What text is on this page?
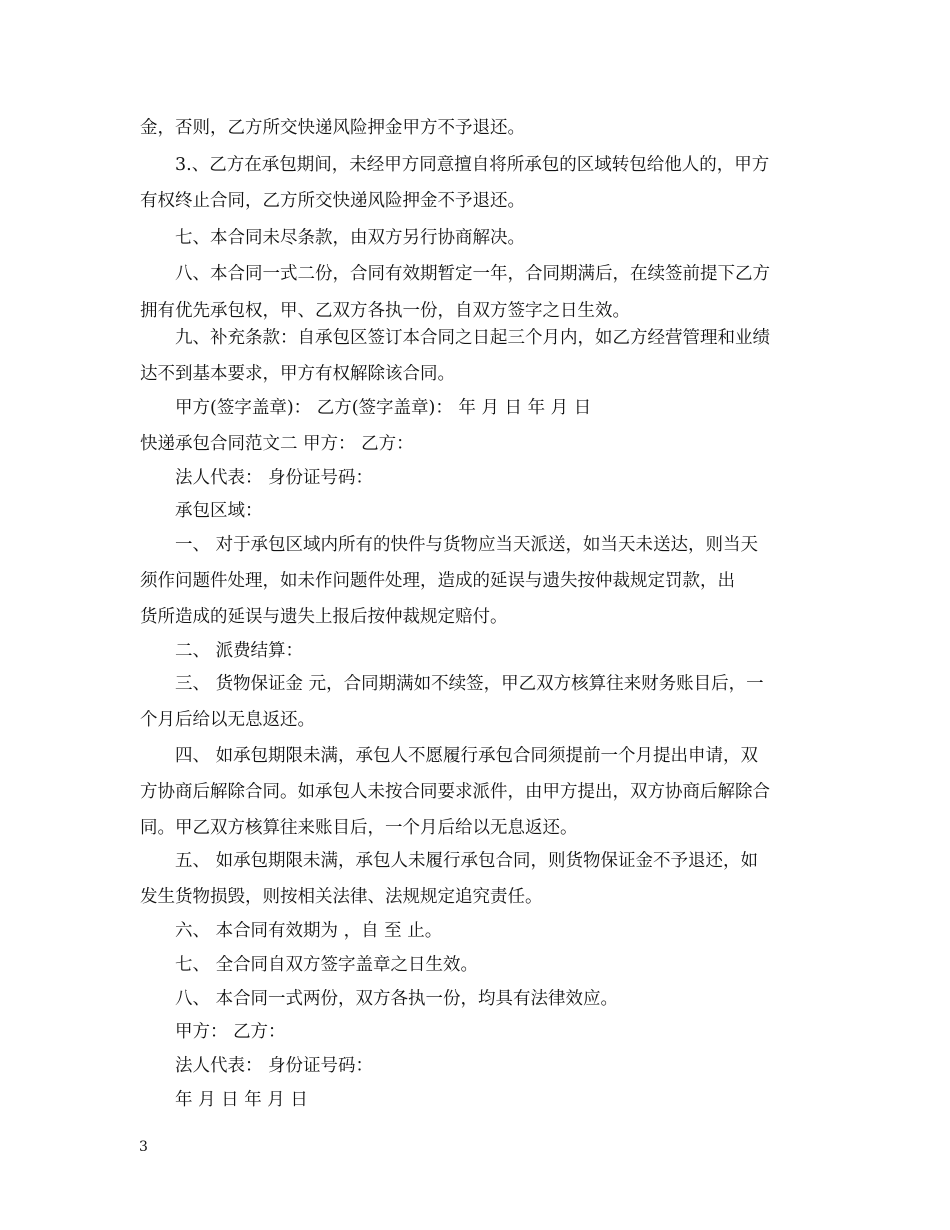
金，否则，乙方所交快递风险押金甲方不予退还。
3.、乙方在承包期间，未经甲方同意擅自将所承包的区域转包给他人的，甲方
有权终止合同，乙方所交快递风险押金不予退还。
七、本合同未尽条款，由双方另行协商解决。
八、本合同一式二份，合同有效期暂定一年，合同期满后，在续签前提下乙方
拥有优先承包权，甲、乙双方各执一份，自双方签字之日生效。
九、补充条款：自承包区签订本合同之日起三个月内，如乙方经营管理和业绩
达不到基本要求，甲方有权解除该合同。
甲方(签字盖章)： 乙方(签字盖章)： 年 月 日 年 月 日
快递承包合同范文二 甲方： 乙方：
法人代表： 身份证号码：
承包区域：
一、 对于承包区域内所有的快件与货物应当天派送，如当天未送达，则当天
须作问题件处理，如未作问题件处理，造成的延误与遗失按仲裁规定罚款，出
货所造成的延误与遗失上报后按仲裁规定赔付。
二、 派费结算：
三、 货物保证金 元，合同期满如不续签，甲乙双方核算往来财务账目后，一
个月后给以无息返还。
四、 如承包期限未满，承包人不愿履行承包合同须提前一个月提出申请，双
方协商后解除合同。如承包人未按合同要求派件，由甲方提出，双方协商后解除合
同。甲乙双方核算往来账目后，一个月后给以无息返还。
五、 如承包期限未满，承包人未履行承包合同，则货物保证金不予退还，如
发生货物损毁，则按相关法律、法规规定追究责任。
六、 本合同有效期为 ，自 至 止。
七、 全合同自双方签字盖章之日生效。
八、 本合同一式两份，双方各执一份，均具有法律效应。
甲方： 乙方：
法人代表： 身份证号码：
年 月 日 年 月 日
3
